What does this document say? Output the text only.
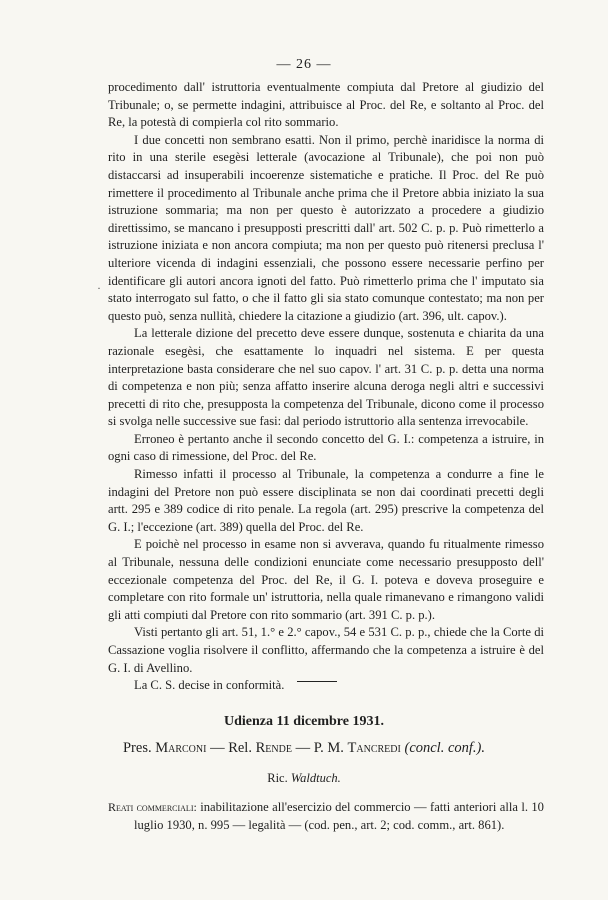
— 26 —

procedimento dall' istruttoria eventualmente compiuta dal Pretore al giudizio del Tribunale; o, se permette indagini, attribuisce al Proc. del Re, e soltanto al Proc. del Re, la potestà di compierla col rito sommario.

I due concetti non sembrano esatti. Non il primo, perchè inaridisce la norma di rito in una sterile esegèsi letterale (avocazione al Tribunale), che poi non può distaccarsi ad insuperabili incoerenze sistematiche e pratiche. Il Proc. del Re può rimettere il procedimento al Tribunale anche prima che il Pretore abbia iniziato la sua istruzione sommaria; ma non per questo è autorizzato a procedere a giudizio direttissimo, se mancano i presupposti prescritti dall' art. 502 C. p. p. Può rimetterlo a istruzione iniziata e non ancora compiuta; ma non per questo può ritenersi preclusa l' ulteriore vicenda di indagini essenziali, che possono essere necessarie perfino per identificare gli autori ancora ignoti del fatto. Può rimetterlo prima che l' imputato sia stato interrogato sul fatto, o che il fatto gli sia stato comunque contestato; ma non per questo può, senza nullità, chiedere la citazione a giudizio (art. 396, ult. capov.).

La letterale dizione del precetto deve essere dunque, sostenuta e chiarita da una razionale esegèsi, che esattamente lo inquadri nel sistema. E per questa interpretazione basta considerare che nel suo capov. l' art. 31 C. p. p. detta una norma di competenza e non più; senza affatto inserire alcuna deroga negli altri e successivi precetti di rito che, presupposta la competenza del Tribunale, dicono come il processo si svolga nelle successive sue fasi: dal periodo istruttorio alla sentenza irrevocabile.

Erroneo è pertanto anche il secondo concetto del G. I.: competenza a istruire, in ogni caso di rimessione, del Proc. del Re.

Rimesso infatti il processo al Tribunale, la competenza a condurre a fine le indagini del Pretore non può essere disciplinata se non dai coordinati precetti degli artt. 295 e 389 codice di rito penale. La regola (art. 295) prescrive la competenza del G. I.; l'eccezione (art. 389) quella del Proc. del Re.

E poichè nel processo in esame non si avverava, quando fu ritualmente rimesso al Tribunale, nessuna delle condizioni enunciate come necessario presupposto dell' eccezionale competenza del Proc. del Re, il G. I. poteva e doveva proseguire e completare con rito formale un' istruttoria, nella quale rimanevano e rimangono validi gli atti compiuti dal Pretore con rito sommario (art. 391 C. p. p.).

Visti pertanto gli art. 51, 1.° e 2.° capov., 54 e 531 C. p. p., chiede che la Corte di Cassazione voglia risolvere il conflitto, affermando che la competenza a istruire è del G. I. di Avellino.

La C. S. decise in conformità.

Udienza 11 dicembre 1931.
Pres. Marconi — Rel. Rende — P. M. Tancredi (concl. conf.).
Ric. Waldtuch.
Reati commerciali: inabilitazione all'esercizio del commercio — fatti anteriori alla l. 10 luglio 1930, n. 995 — legalità — (cod. pen., art. 2; cod. comm., art. 861).
·
